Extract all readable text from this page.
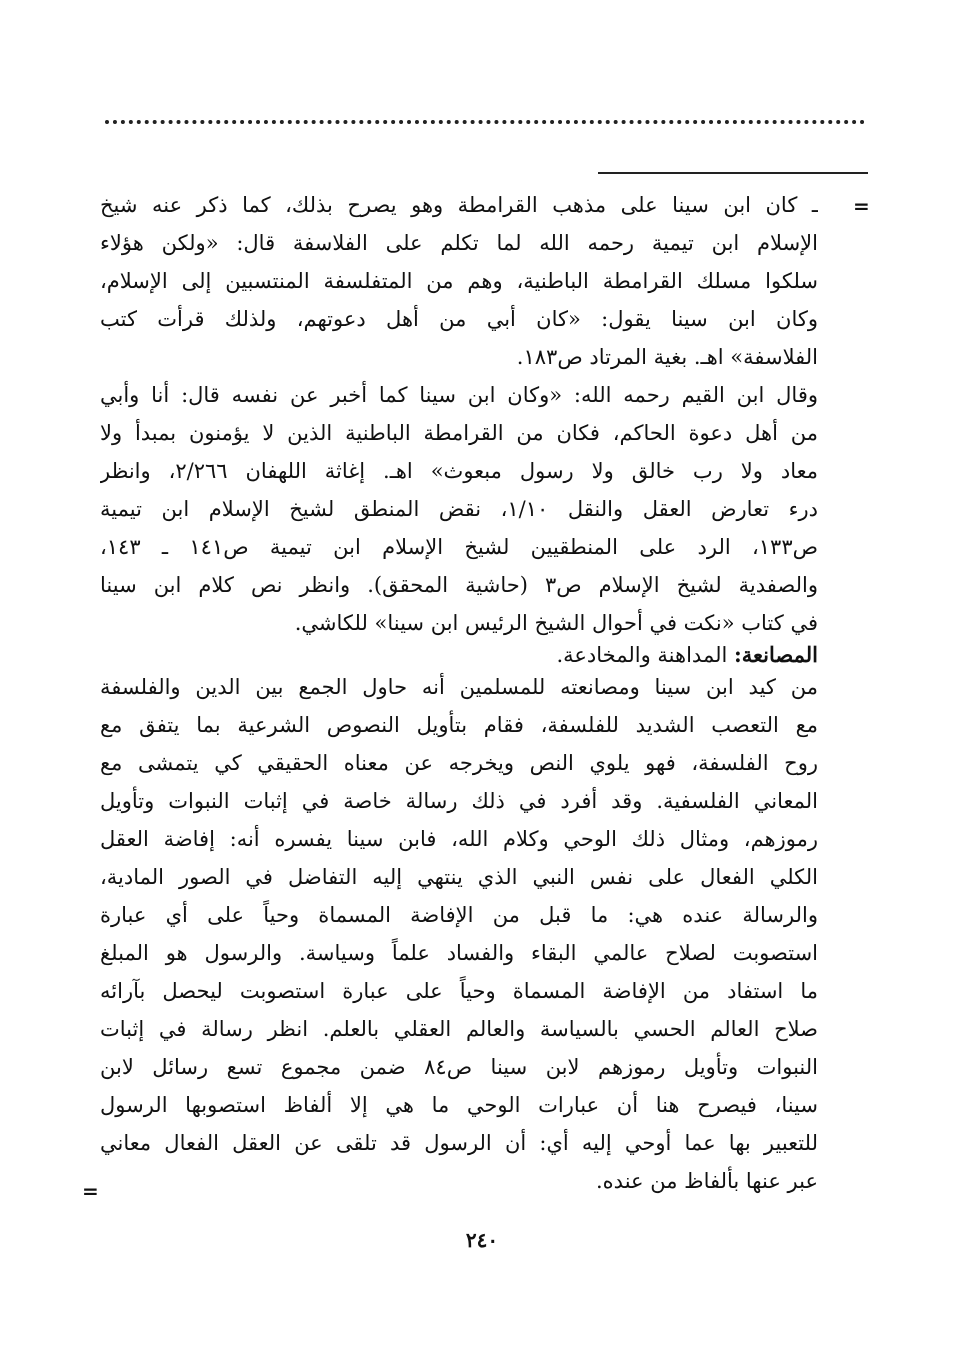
=
=
ـ كان ابن سينا على مذهب القرامطة وهو يصرح بذلك، كما ذكر عنه شيخ
الإسلام ابن تيمية رحمه الله لما تكلم على الفلاسفة قال: «ولكن هؤلاء
سلكوا مسلك القرامطة الباطنية، وهم من المتفلسفة المنتسبين إلى الإسلام،
وكان ابن سينا يقول: «كان أبي من أهل دعوتهم، ولذلك قرأت كتب
الفلاسفة» اهـ. بغية المرتاد ص١٨٣.
وقال ابن القيم رحمه الله: «وكان ابن سينا كما أخبر عن نفسه قال: أنا وأبي
من أهل دعوة الحاكم، فكان من القرامطة الباطنية الذين لا يؤمنون بمبدأ ولا
معاد ولا رب خالق ولا رسول مبعوث» اهـ. إغاثة اللهفان ٢/٢٦٦، وانظر
درء تعارض العقل والنقل ١/١٠، نقض المنطق لشيخ الإسلام ابن تيمية
ص١٣٣، الرد على المنطقيين لشيخ الإسلام ابن تيمية ص١٤١ ـ ١٤٣،
والصفدية لشيخ الإسلام ص٣ (حاشية المحقق). وانظر نص كلام ابن سينا
في كتاب «نكت في أحوال الشيخ الرئيس ابن سينا» للكاشي.
المصانعة: المداهنة والمخادعة.
من كيد ابن سينا ومصانعته للمسلمين أنه حاول الجمع بين الدين والفلسفة
مع التعصب الشديد للفلسفة، فقام بتأويل النصوص الشرعية بما يتفق مع
روح الفلسفة، فهو يلوي النص ويخرجه عن معناه الحقيقي كي يتمشى مع
المعاني الفلسفية. وقد أفرد في ذلك رسالة خاصة في إثبات النبوات وتأويل
رموزهم، ومثال ذلك الوحي وكلام الله، فابن سينا يفسره أنه: إفاضة العقل
الكلي الفعال على نفس النبي الذي ينتهي إليه التفاضل في الصور المادية،
والرسالة عنده هي: ما قبل من الإفاضة المسماة وحياً على أي عبارة
استصوبت لصلاح عالمي البقاء والفساد علماً وسياسة. والرسول هو المبلغ
ما استفاد من الإفاضة المسماة وحياً على عبارة استصوبت ليحصل بآرائه
صلاح العالم الحسي بالسياسة والعالم العقلي بالعلم. انظر رسالة في إثبات
النبوات وتأويل رموزهم لابن سينا ص٨٤ ضمن مجموع تسع رسائل لابن
سينا، فيصرح هنا أن عبارات الوحي ما هي إلا ألفاظ استصوبها الرسول
للتعبير بها عما أوحي إليه أي: أن الرسول قد تلقى عن العقل الفعال معاني
عبر عنها بألفاظ من عنده.
٢٤٠
